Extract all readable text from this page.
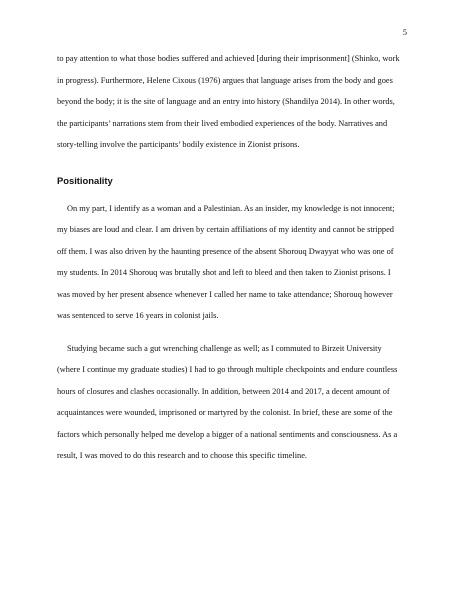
5

to pay attention to what those bodies suffered and achieved [during their imprisonment] (Shinko, work in progress). Furthermore, Helene Cixous (1976) argues that language arises from the body and goes beyond the body; it is the site of language and an entry into history (Shandilya 2014). In other words, the participants’ narrations stem from their lived embodied experiences of the body. Narratives and story-telling involve the participants’ bodily existence in Zionist prisons.

Positionality

On my part, I identify as a woman and a Palestinian. As an insider, my knowledge is not innocent; my biases are loud and clear. I am driven by certain affiliations of my identity and cannot be stripped off them. I was also driven by the haunting presence of the absent Shorouq Dwayyat who was one of my students. In 2014 Shorouq was brutally shot and left to bleed and then taken to Zionist prisons. I was moved by her present absence whenever I called her name to take attendance; Shorouq however was sentenced to serve 16 years in colonist jails.

Studying became such a gut wrenching challenge as well; as I commuted to Birzeit University (where I continue my graduate studies) I had to go through multiple checkpoints and endure countless hours of closures and clashes occasionally. In addition, between 2014 and 2017, a decent amount of acquaintances were wounded, imprisoned or martyred by the colonist. In brief, these are some of the factors which personally helped me develop a bigger of a national sentiments and consciousness. As a result, I was moved to do this research and to choose this specific timeline.
